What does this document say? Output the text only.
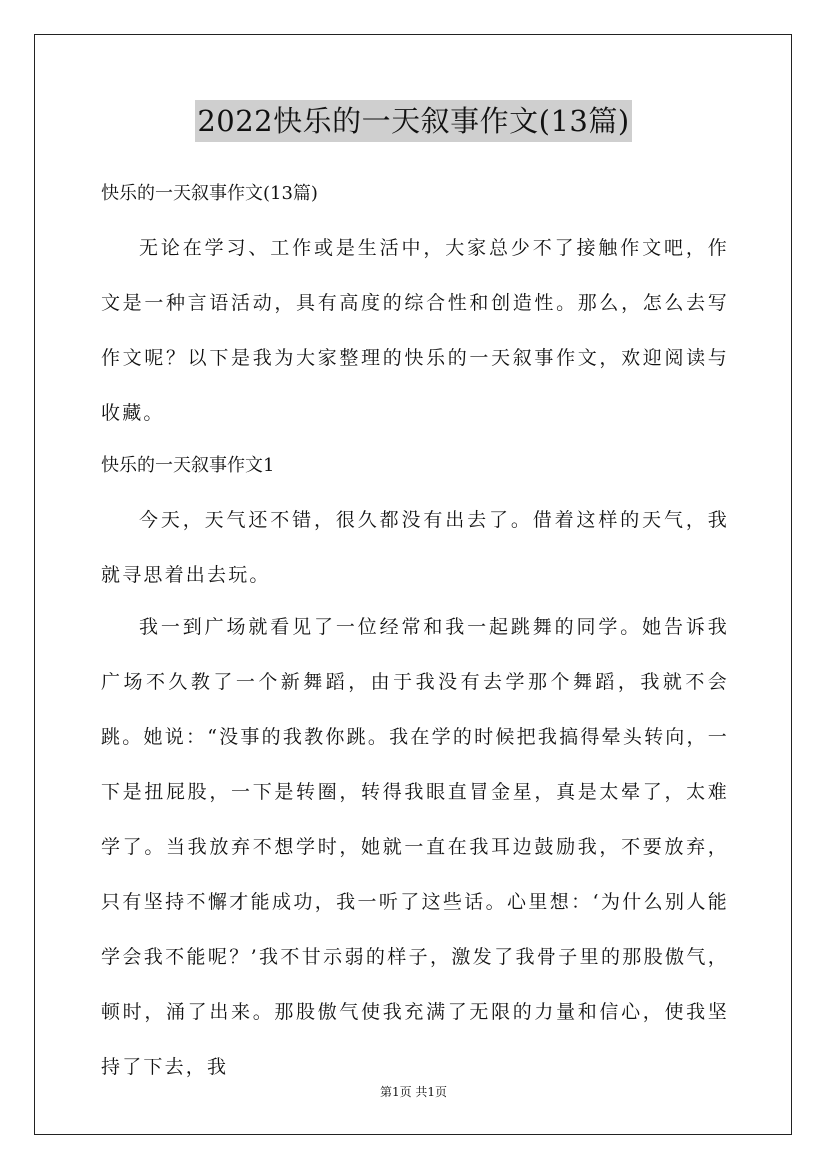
2022快乐的一天叙事作文(13篇)
快乐的一天叙事作文(13篇)

无论在学习、工作或是生活中，大家总少不了接触作文吧，作文是一种言语活动，具有高度的综合性和创造性。那么，怎么去写作文呢？以下是我为大家整理的快乐的一天叙事作文，欢迎阅读与收藏。

快乐的一天叙事作文1

今天，天气还不错，很久都没有出去了。借着这样的天气，我就寻思着出去玩。

我一到广场就看见了一位经常和我一起跳舞的同学。她告诉我广场不久教了一个新舞蹈，由于我没有去学那个舞蹈，我就不会跳。她说：“没事的我教你跳。我在学的时候把我搞得晕头转向，一下是扭屁股，一下是转圈，转得我眼直冒金星，真是太晕了，太难学了。当我放弃不想学时，她就一直在我耳边鼓励我，不要放弃，只有坚持不懈才能成功，我一听了这些话。心里想：‘为什么别人能学会我不能呢？’我不甘示弱的样子，激发了我骨子里的那股傲气，顿时，涌了出来。那股傲气使我充满了无限的力量和信心，使我坚持了下去，我

第1页 共1页
